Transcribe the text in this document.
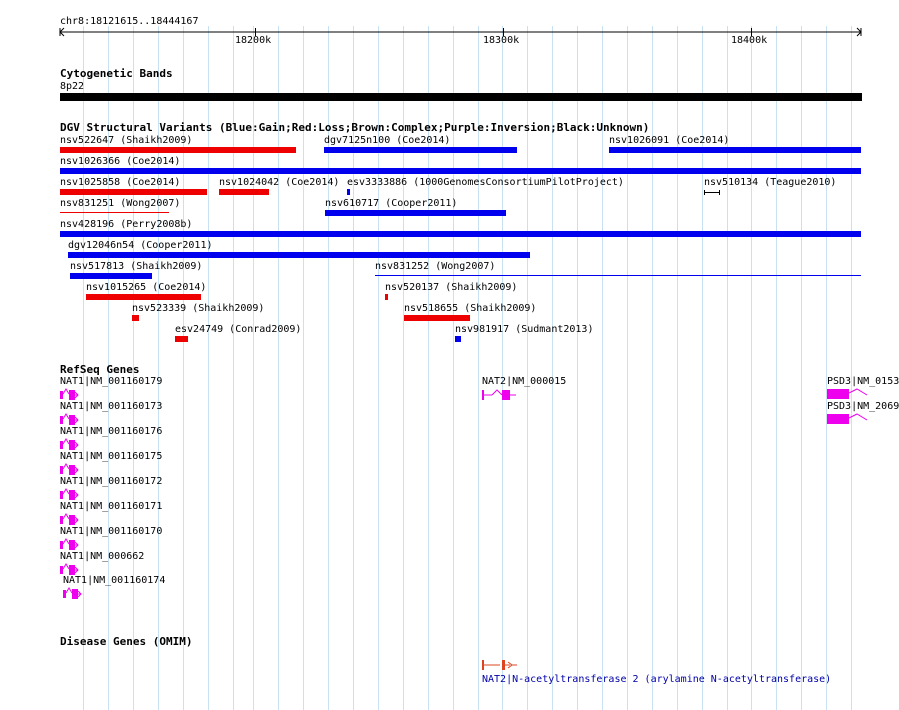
chr8:18121615..18444167
18200k	18300k	18400k
Cytogenetic Bands
8p22
DGV Structural Variants (Blue:Gain;Red:Loss;Brown:Complex;Purple:Inversion;Black:Unknown)
nsv522647 (Shaikh2009)	dgv7125n100 (Coe2014)	nsv1026091 (Coe2014)
nsv1026366 (Coe2014)
nsv1025858 (Coe2014)	nsv1024042 (Coe2014) esv3333886 (1000GenomesConsortiumPilotProject)	nsv510134 (Teague2010)
nsv831251 (Wong2007)	nsv610717 (Cooper2011)
nsv428196 (Perry2008b)
dgv12046n54 (Cooper2011)
nsv517813 (Shaikh2009)	nsv831252 (Wong2007)
nsv1015265 (Coe2014)	nsv520137 (Shaikh2009)
nsv523339 (Shaikh2009)	nsv518655 (Shaikh2009)
esv24749 (Conrad2009)	nsv981917 (Sudmant2013)
RefSeq Genes
NAT1|NM_001160179	NAT2|NM_000015	PSD3|NM_0153
NAT1|NM_001160173	PSD3|NM_2069
NAT1|NM_001160176
NAT1|NM_001160175
NAT1|NM_001160172
NAT1|NM_001160171
NAT1|NM_001160170
NAT1|NM_000662
NAT1|NM_001160174
Disease Genes (OMIM)
NAT2|N-acetyltransferase 2 (arylamine N-acetyltransferase)
